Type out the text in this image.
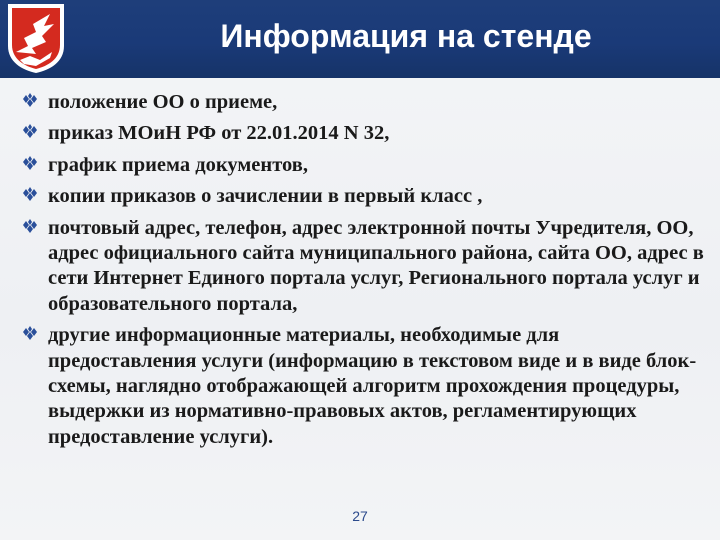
Информация на стенде
положение ОО о приеме,
приказ МОиН РФ от 22.01.2014 N 32,
график приема документов,
копии приказов о зачислении в первый класс ,
почтовый адрес, телефон, адрес электронной почты Учредителя, ОО, адрес официального сайта муниципального района, сайта ОО, адрес в сети Интернет Единого портала услуг, Регионального портала услуг и образовательного портала,
другие информационные материалы, необходимые для предоставления услуги (информацию в текстовом виде и в виде блок-схемы, наглядно отображающей алгоритм прохождения процедуры, выдержки из нормативно-правовых актов, регламентирующих предоставление услуги).
27
